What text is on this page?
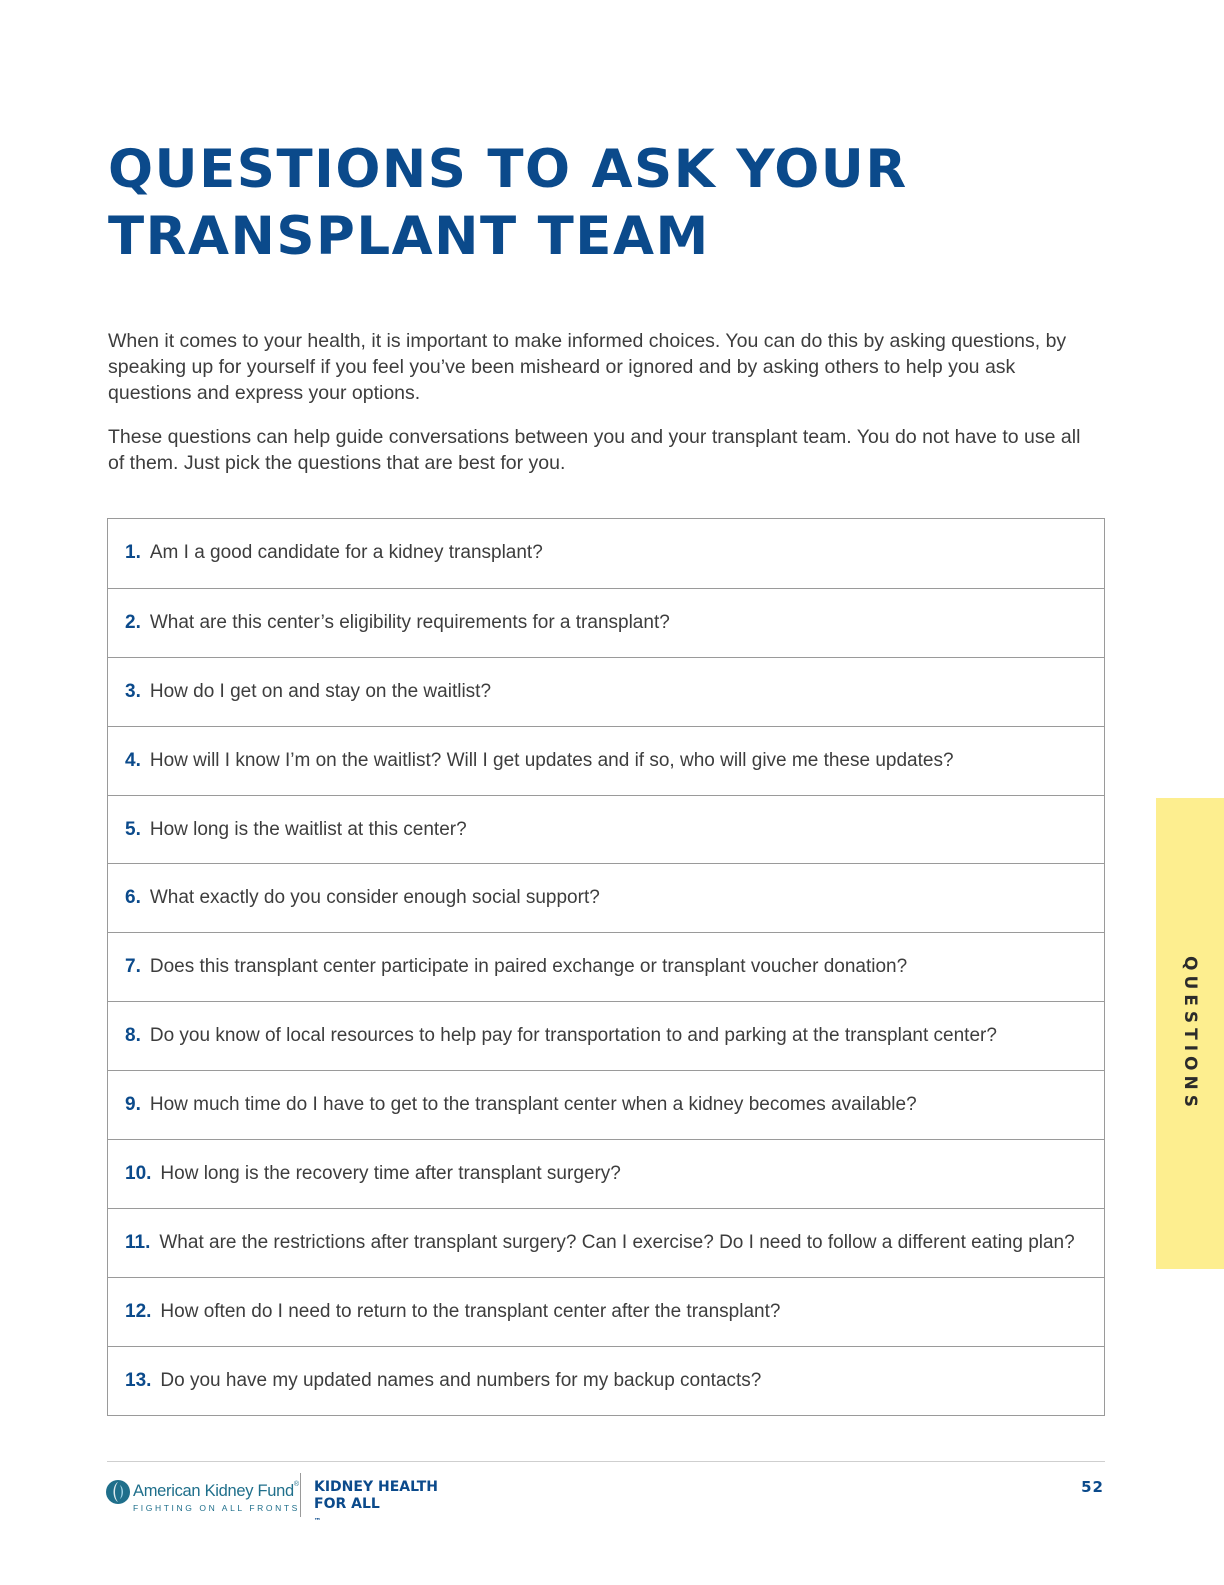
QUESTIONS TO ASK YOUR
TRANSPLANT TEAM

When it comes to your health, it is important to make informed choices. You can do this by asking questions, by speaking up for yourself if you feel you’ve been misheard or ignored and by asking others to help you ask questions and express your options.

These questions can help guide conversations between you and your transplant team. You do not have to use all of them. Just pick the questions that are best for you.

1. Am I a good candidate for a kidney transplant?
2. What are this center’s eligibility requirements for a transplant?
3. How do I get on and stay on the waitlist?
4. How will I know I’m on the waitlist? Will I get updates and if so, who will give me these updates?
5. How long is the waitlist at this center?
6. What exactly do you consider enough social support?
7. Does this transplant center participate in paired exchange or transplant voucher donation?
8. Do you know of local resources to help pay for transportation to and parking at the transplant center?
9. How much time do I have to get to the transplant center when a kidney becomes available?
10. How long is the recovery time after transplant surgery?
11. What are the restrictions after transplant surgery? Can I exercise? Do I need to follow a different eating plan?
12. How often do I need to return to the transplant center after the transplant?
13. Do you have my updated names and numbers for my backup contacts?
QUESTIONS
American Kidney Fund®
FIGHTING ON ALL FRONTS
KIDNEY HEALTH
FOR ALL
™
52
